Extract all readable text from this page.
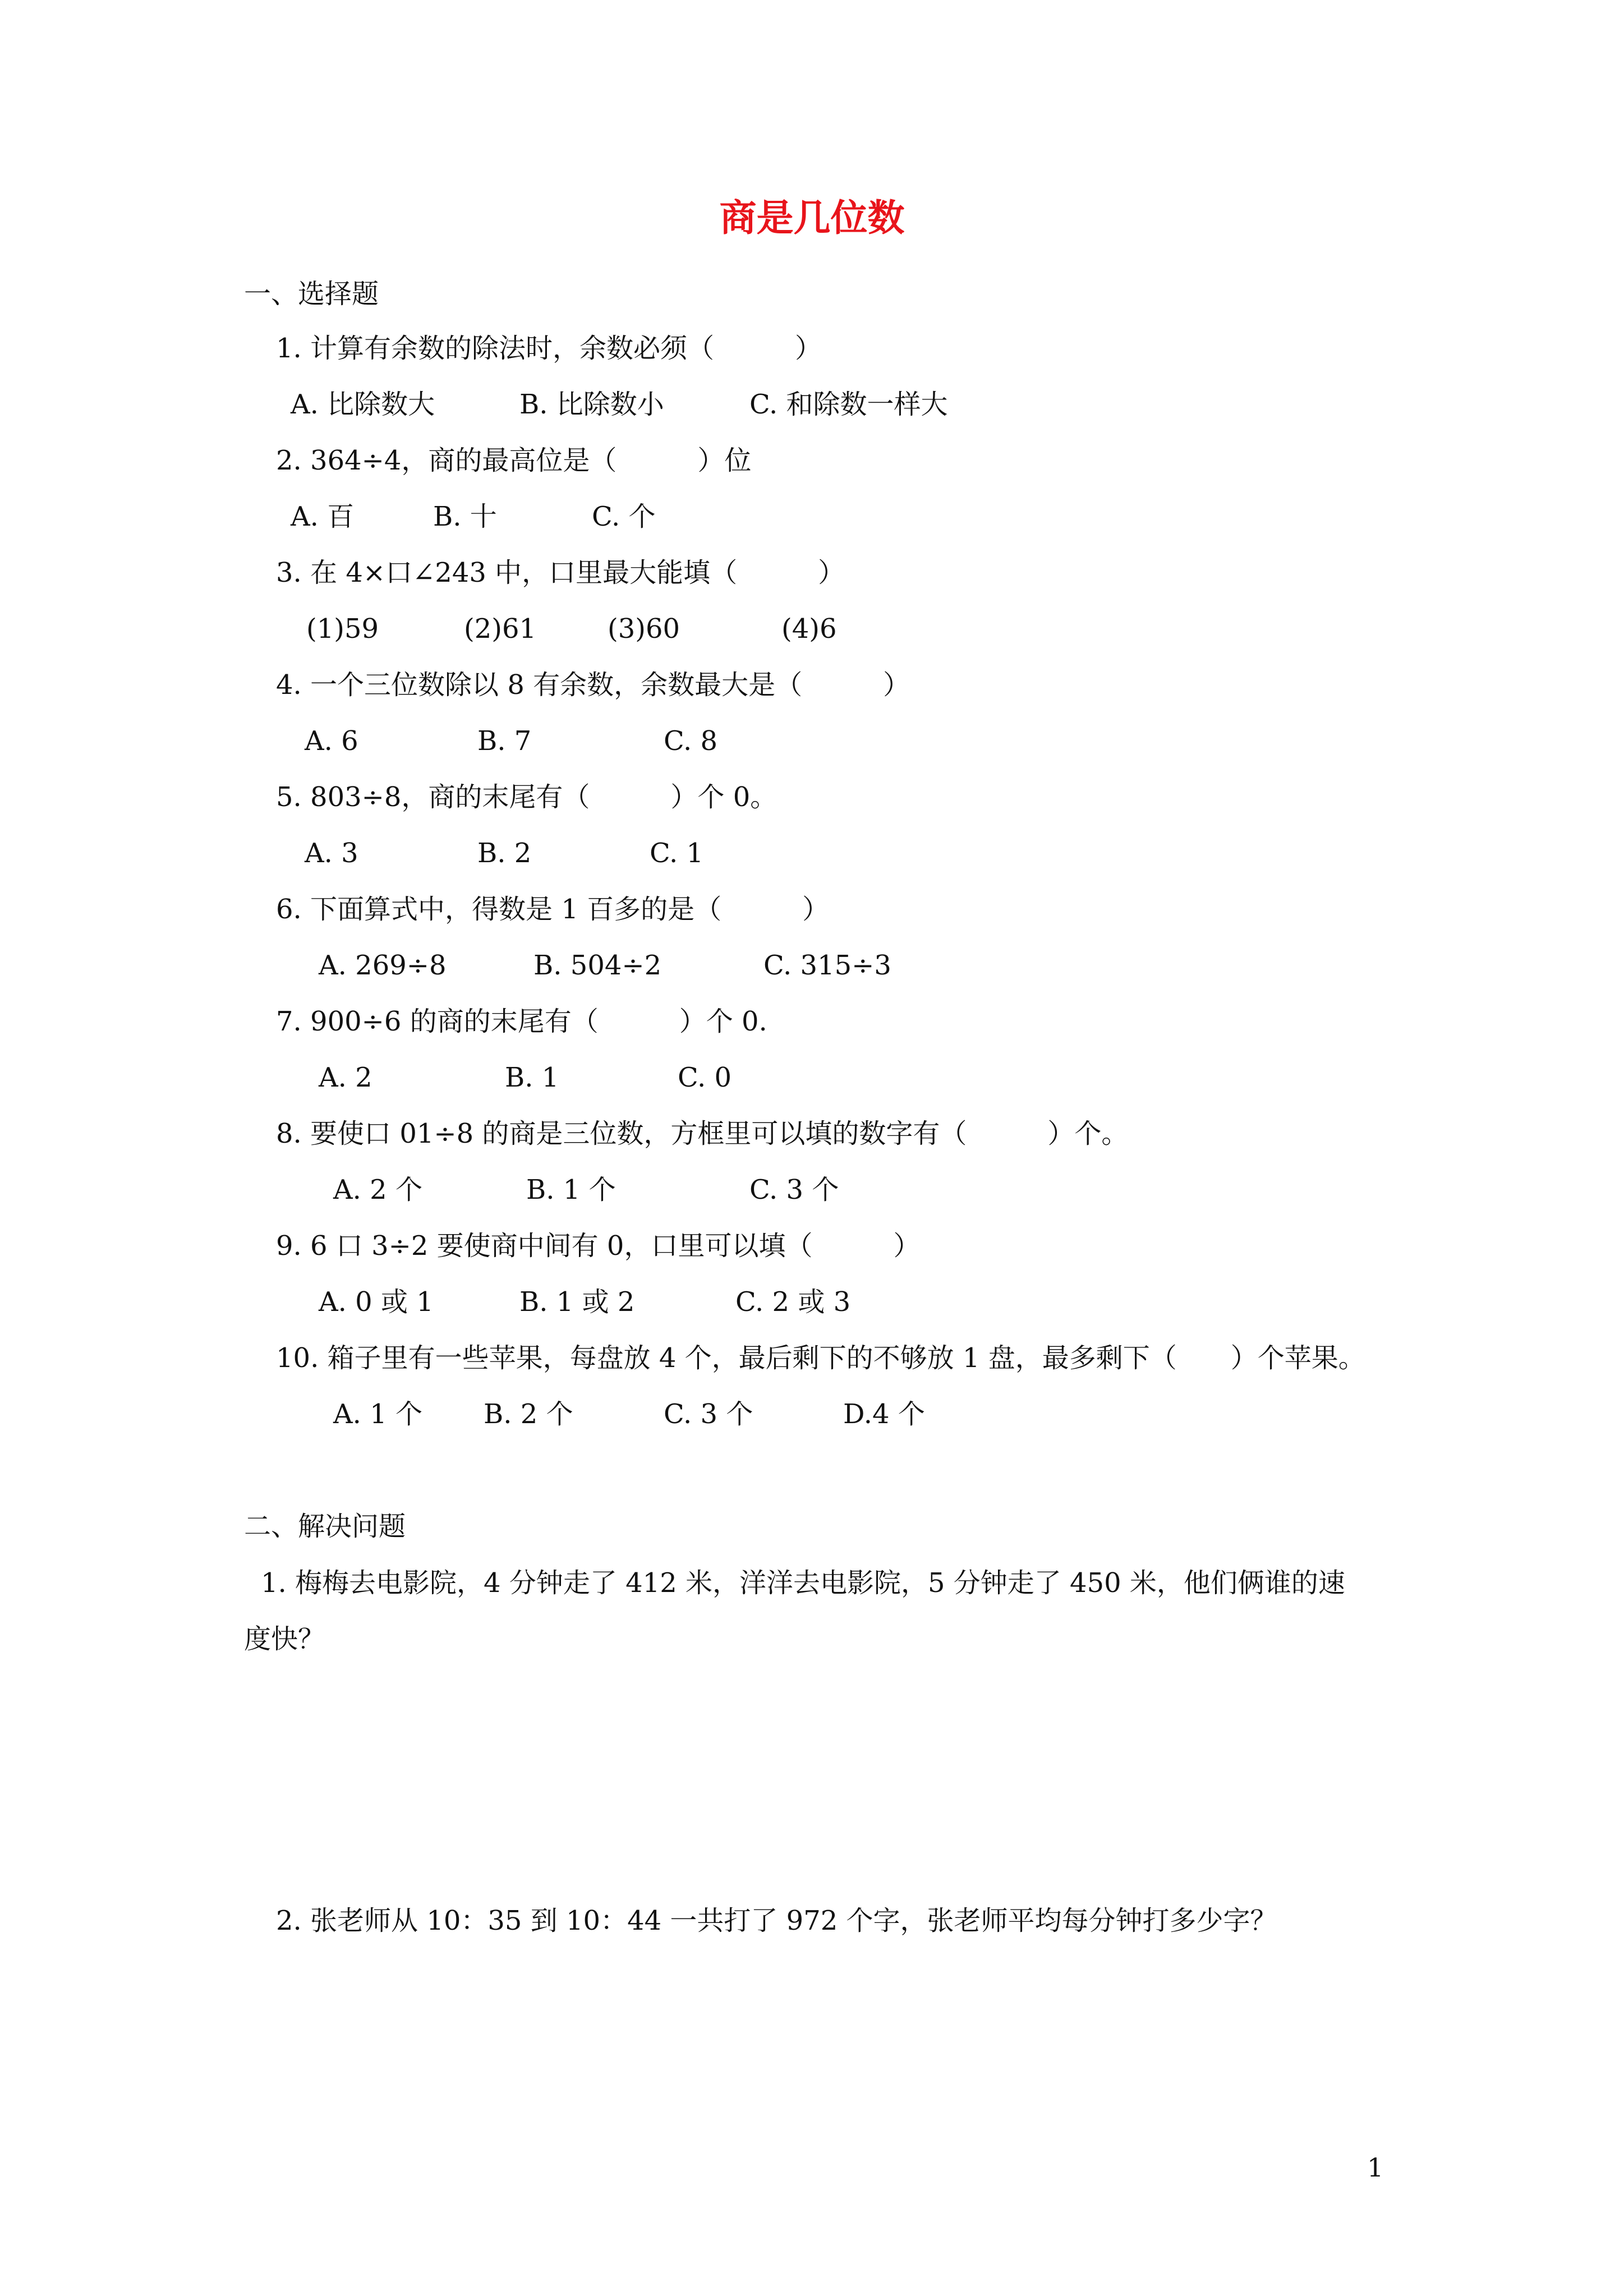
商是几位数
一、选择题
1. 计算有余数的除法时，余数必须（　　　）
A. 比除数大	B. 比除数小	C. 和除数一样大
2. 364÷4，商的最高位是（　　　）位
A. 百	B. 十	C. 个
3. 在 4×口∠243 中，口里最大能填（　　　）
(1)59	(2)61	(3)60	(4)6
4. 一个三位数除以 8 有余数，余数最大是（　　　）
A. 6	B. 7	C. 8
5. 803÷8，商的末尾有（　　　）个 0。
A. 3	B. 2	C. 1
6. 下面算式中，得数是 1 百多的是（　　　）
A. 269÷8	B. 504÷2	C. 315÷3
7. 900÷6 的商的末尾有（　　　）个 0.
A. 2	B. 1	C. 0
8. 要使口 01÷8 的商是三位数，方框里可以填的数字有（　　　）个。
A. 2 个	B. 1 个	C. 3 个
9. 6 口 3÷2 要使商中间有 0，口里可以填（　　　）
A. 0 或 1	B. 1 或 2	C. 2 或 3
10. 箱子里有一些苹果，每盘放 4 个，最后剩下的不够放 1 盘，最多剩下（　　）个苹果。
A. 1 个 B. 2 个	C. 3 个	D.4 个
二、解决问题
1. 梅梅去电影院，4 分钟走了 412 米，洋洋去电影院，5 分钟走了 450 米，他们俩谁的速
度快？
2. 张老师从 10：35 到 10：44 一共打了 972 个字，张老师平均每分钟打多少字？
1
